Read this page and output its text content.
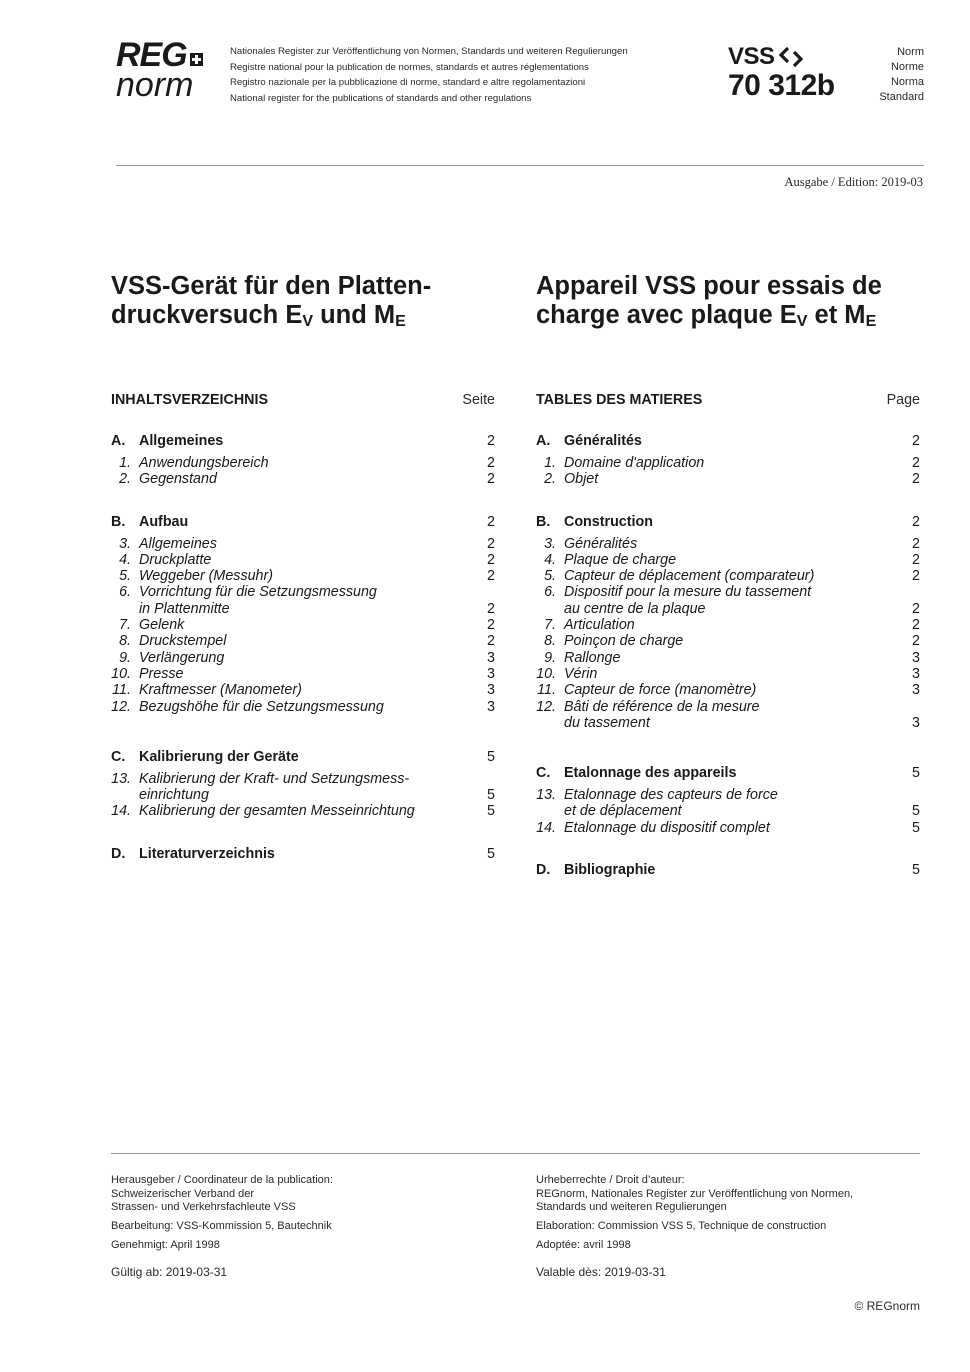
REG
norm
Nationales Register zur Veröffentlichung von Normen, Standards und weiteren Regulierungen
Registre national pour la publication de normes, standards et autres réglementations
Registro nazionale per la pubblicazione di norme, standard e altre regolamentazioni
National register for the publications of standards and other regulations
VSS
70 312b
Norm
Norme
Norma
Standard
Ausgabe / Edition: 2019-03
VSS-Gerät für den Platten-
druckversuch $E_V$ und $M_E$
Appareil VSS pour essais de
charge avec plaque $E_V$ et $M_E$
INHALTSVERZEICHNIS	Seite
A. Allgemeines	2
1. Anwendungsbereich	2
2. Gegenstand	2
B. Aufbau	2
3. Allgemeines	2
4. Druckplatte	2
5. Weggeber (Messuhr)	2
6. Vorrichtung für die Setzungsmessung
in Plattenmitte	2
7. Gelenk	2
8. Druckstempel	2
9. Verlängerung	3
10. Presse	3
11. Kraftmesser (Manometer)	3
12. Bezugshöhe für die Setzungsmessung	3
C. Kalibrierung der Geräte	5
13. Kalibrierung der Kraft- und Setzungsmess-
einrichtung	5
14. Kalibrierung der gesamten Messeinrichtung	5
D. Literaturverzeichnis	5
TABLES DES MATIERES	Page
A. Généralités	2
1. Domaine d'application	2
2. Objet	2
B. Construction	2
3. Généralités	2
4. Plaque de charge	2
5. Capteur de déplacement (comparateur)	2
6. Dispositif pour la mesure du tassement
au centre de la plaque	2
7. Articulation	2
8. Poinçon de charge	2
9. Rallonge	3
10. Vérin	3
11. Capteur de force (manomètre)	3
12. Bâti de référence de la mesure
du tassement	3
C. Etalonnage des appareils	5
13. Etalonnage des capteurs de force
et de déplacement	5
14. Etalonnage du dispositif complet	5
D. Bibliographie	5

Herausgeber / Coordinateur de la publication:
Schweizerischer Verband der
Strassen- und Verkehrsfachleute VSS

Bearbeitung: VSS-Kommission 5, Bautechnik

Genehmigt: April 1998

Gültig ab: 2019-03-31

Urheberrechte / Droit d’auteur:
REGnorm, Nationales Register zur Veröffentlichung von Normen,
Standards und weiteren Regulierungen

Elaboration: Commission VSS 5, Technique de construction

Adoptée: avril 1998

Valable dès: 2019-03-31

© REGnorm
